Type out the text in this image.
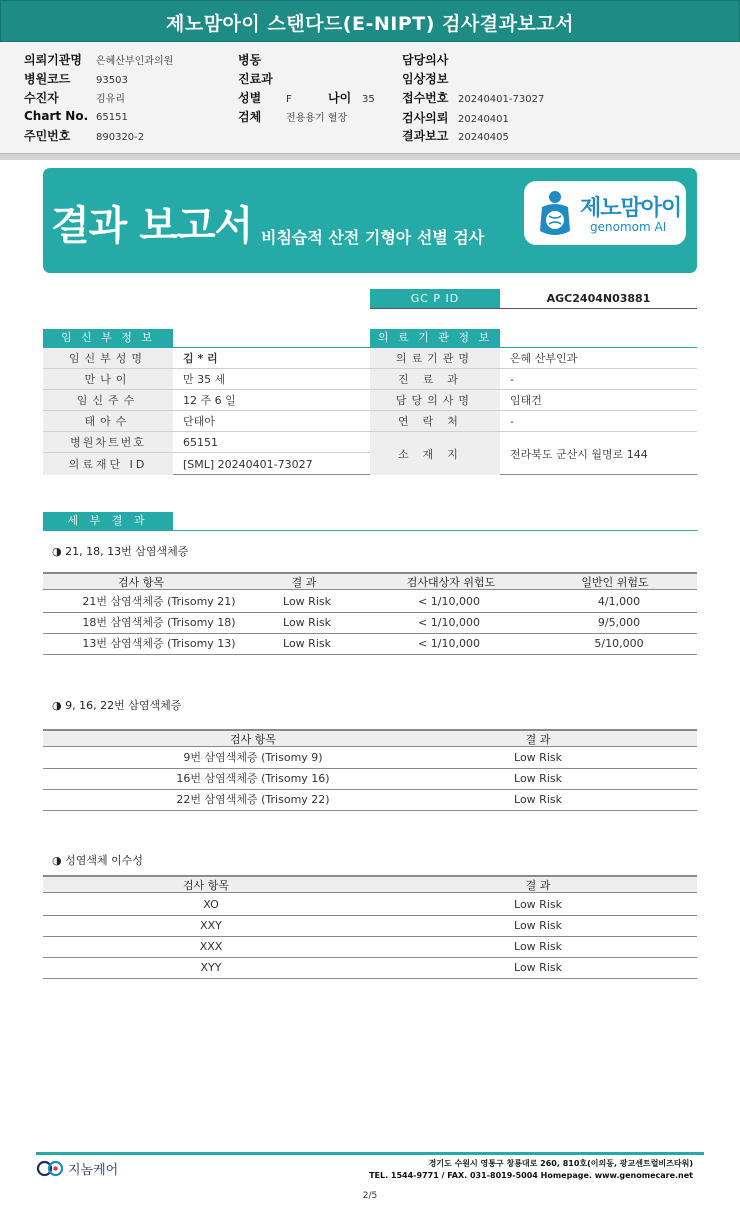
제노맘아이 스탠다드(E-NIPT) 검사결과보고서
의뢰기관명	은혜산부인과의원
병원코드	93503
수진자	김유리
Chart No. 65151
주민번호	890320-2
병동
진료과
성별	F	나이	35
검체	전용용기 혈장
담당의사
임상정보
접수번호 20240401-73027
검사의뢰 20240401
결과보고 20240405
결과 보고서 비침습적 산전 기형아 선별 검사
제노맘아이
genomom AI
GC P ID	AGC2404N03881
임 신 부 정 보
임신부성명	김 * 리
만나이	만 35 세
임신주수	12 주 6 일
태아수	단태아
병원차트번호	65151
의료재단 ID	[SML] 20240401-73027
의 료 기 관 정 보
의료기관명	은혜 산부인과
진료과	-
담당의사명	임태건
연락처	-
소재지	전라북도 군산시 월명로 144
세 부 결 과
◑ 21, 18, 13번 삼염색체증
검사 항목	결 과	검사대상자 위험도	일반인 위험도
21번 삼염색체증 (Trisomy 21)	Low Risk	< 1/10,000	4/1,000
18번 삼염색체증 (Trisomy 18)	Low Risk	< 1/10,000	9/5,000
13번 삼염색체증 (Trisomy 13)	Low Risk	< 1/10,000	5/10,000
◑ 9, 16, 22번 삼염색체증
검사 항목	결 과
9번 삼염색체증 (Trisomy 9)	Low Risk
16번 삼염색체증 (Trisomy 16)	Low Risk
22번 삼염색체증 (Trisomy 22)	Low Risk
◑ 성염색체 이수성
검사 항목	결 과
XO	Low Risk
XXY	Low Risk
XXX	Low Risk
XYY	Low Risk
지놈케어	경기도 수원시 영통구 창룡대로 260, 810호(이의동, 광교센트럴비즈타워)
TEL. 1544-9771 / FAX. 031-8019-5004 Homepage. www.genomecare.net
2/5
